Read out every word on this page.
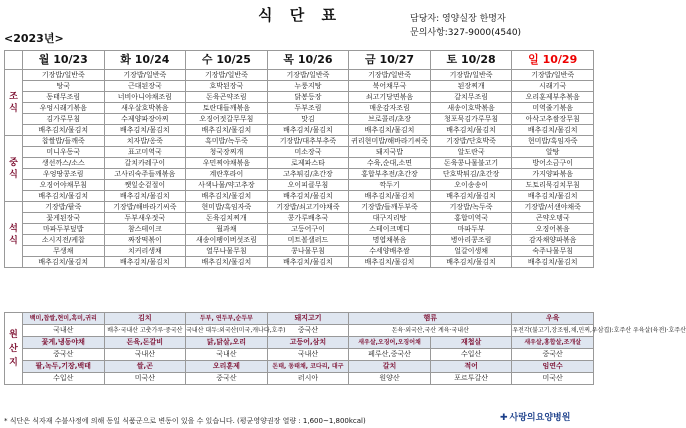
식 단 표	담당자: 영양실장 한명자
문의사항:327-9000(4540)
<2023년>
	월 10/23	화 10/24	수 10/25	목 10/26	금 10/27	토 10/28	일 10/29
조 식	기장밥/일반죽	기장밥/일반죽	기장밥/일반죽	기장밥/일반죽	기장밥/일반죽	기장밥/일반죽	기장밥/일반죽
	탕국	근대된장국	호박된장국	누룽지탕	북어채무국	된장찌개	시래기국
	동태무조림	너비아니야채조림	돈육곤약조림	닭봉등장	쇠고기당면볶음	갈치무조림	오리훈제부추볶음
	우엉시래기볶음	새우살호박볶음	토란대들깨볶음	두부조림	매운감자조림	새송이호박볶음	미역줄기볶음
	김가루무침	수제양파장아찌	오징어젓갈무무침	맛김	브로콜리/초장	청포묵김가루무침	아삭고추쌈장무침
	배추김치/물김치	배추김치/물김치	배추김치/물김치	배추김치/물김치	배추김치/물김치	배추김치/물김치	배추김치/물김치
중 식	찹쌀밥/들깨죽	치자밥/옹죽	흑미밥/녹두죽	기장밥/대추부추죽	귀리현미밥/해바라기씨죽	기장밥/단호박죽	현미밥/흑임자죽
	미니우동국	표고미역국	청국장찌개	미소장국	돼지국밥	알도란국	알탕
	생선까스/소스	갈치카레구이	우민찌야채볶음	로제파스타	수육,순대,소면	돈육콩나물불고기	방어소금구이
	우엉땅콩조림	고사리숙주들깨볶음	계란후라이	고추튀김/초간장	홍합부추전/초간장	단호박튀김/초간장	가지양파볶음
	오징어야채무침	쨋잎순겉절이	사색나물/약고추장	오이피클무침	깍두기	오이송송이	도토리묵김치무침
	배추김치/물김치	배추김치/물김치	배추김치/물김치	배추김치/물김치	배추김치/물김치	배추김치/물김치	배추김치/물김치
석 식	기장밥/팥죽	기장밥/해바라기씨죽	현미밥/흑임자죽	기장밥/쇠고기야채죽	기장밥/들깨두부죽	기장밥/녹두죽	기장밥/서샌야채죽
	꽃게된장국	두부새우젓국	돈육김치찌개	콩가루배추국	대구지리탕	홍합미역국	곤약오뎅국
	마파두부덮밥	참스테이크	월과채	고등어구이	스테이크메디	마파두부	오징어볶음
	소시지전/케찹	짜장떡볶이	새송이팽이버섯조림	미트볼샐러드	명엽채볶음	병아리콩조림	감자채양파볶음
	무생채	치커리생채	열무나물무침	콩나물무침	수세양배추쌈	얼갈이생채	숙주나물무침
	배추김치/물김치	배추김치/물김치	배추김치/물김치	배추김치/물김치	배추김치/물김치	배추김치/물김치	배추김치/물김치
원 산 지	백미,찹쌀,현미,흑미,귀리	김치	두부, 연두부,순두부	돼지고기	햄류		우육
	국내산	배추·국내산 고춧가루·중국산	국내산 대두:외국산(미국,캐나다,호주)	중국산	돈육·외국산,국산 계육·국내산		우전각(불고기,장조림,채,민찌,우삼겹):호주산 우육살(육전)·호주산
	꽃게,냉동야채	돈육,돈갈비	닭,닭살,오리	고등어,삼치	새우살,오징어,오징어채	재첩살	새우살,홍합살,조개살
	중국산	국내산	국내산	국내산	페루산,중국산	수입산	중국산
	팥,녹두,기장,백태	쌀,곤	오리훈제	돈태, 동태채, 코다리, 대구	갈치	적어	임연수
	수입산	미국산	중국산	러시아	원양산	포르투갈산	미국산
* 식단은 식자재 수불사정에 의해 동일 식품군으로 변동이 있을 수 있습니다. (평균영양권장 열량 : 1,600~1,800kcal)	✚ 사랑의요양병원
